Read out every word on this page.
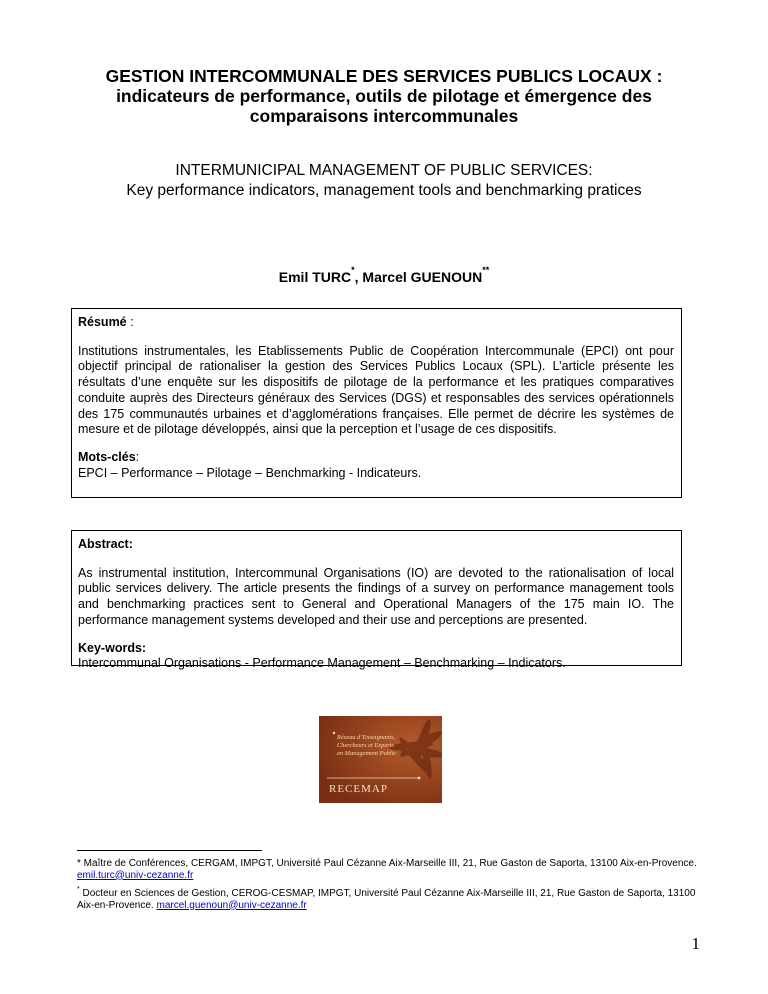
GESTION INTERCOMMUNALE DES SERVICES PUBLICS LOCAUX :
indicateurs de performance, outils de pilotage et émergence des comparaisons intercommunales
INTERMUNICIPAL MANAGEMENT OF PUBLIC SERVICES:
Key performance indicators, management tools and benchmarking pratices
Emil TURC*, Marcel GUENOUN**

Résumé :

Institutions instrumentales, les Etablissements Public de Coopération Intercommunale (EPCI) ont pour objectif principal de rationaliser la gestion des Services Publics Locaux (SPL). L’article présente les résultats d’une enquête sur les dispositifs de pilotage de la performance et les pratiques comparatives conduite auprès des Directeurs généraux des Services (DGS) et responsables des services opérationnels des 175 communautés urbaines et d’agglomérations françaises. Elle permet de décrire les systèmes de mesure et de pilotage développés, ainsi que la perception et l’usage de ces dispositifs.

Mots-clés:

EPCI – Performance – Pilotage – Benchmarking - Indicateurs.

Abstract:

As instrumental institution, Intercommunal Organisations (IO) are devoted to the rationalisation of local public services delivery. The article presents the findings of a survey on performance management tools and benchmarking practices sent to General and Operational Managers of the 175 main IO. The performance management systems developed and their use and perceptions are presented.

Key-words:

Intercommunal Organisations - Performance Management – Benchmarking – Indicators.

Réseau d’Enseignants,
Chercheurs et Experts
en Management Public
RECEMAP

* Maître de Conférences, CERGAM, IMPGT, Université Paul Cézanne Aix-Marseille III, 21, Rue Gaston de Saporta, 13100 Aix-en-Provence. emil.turc@univ-cezanne.fr

* Docteur en Sciences de Gestion, CEROG-CESMAP, IMPGT, Université Paul Cézanne Aix-Marseille III, 21, Rue Gaston de Saporta, 13100 Aix-en-Provence. marcel.guenoun@univ-cezanne.fr

1
